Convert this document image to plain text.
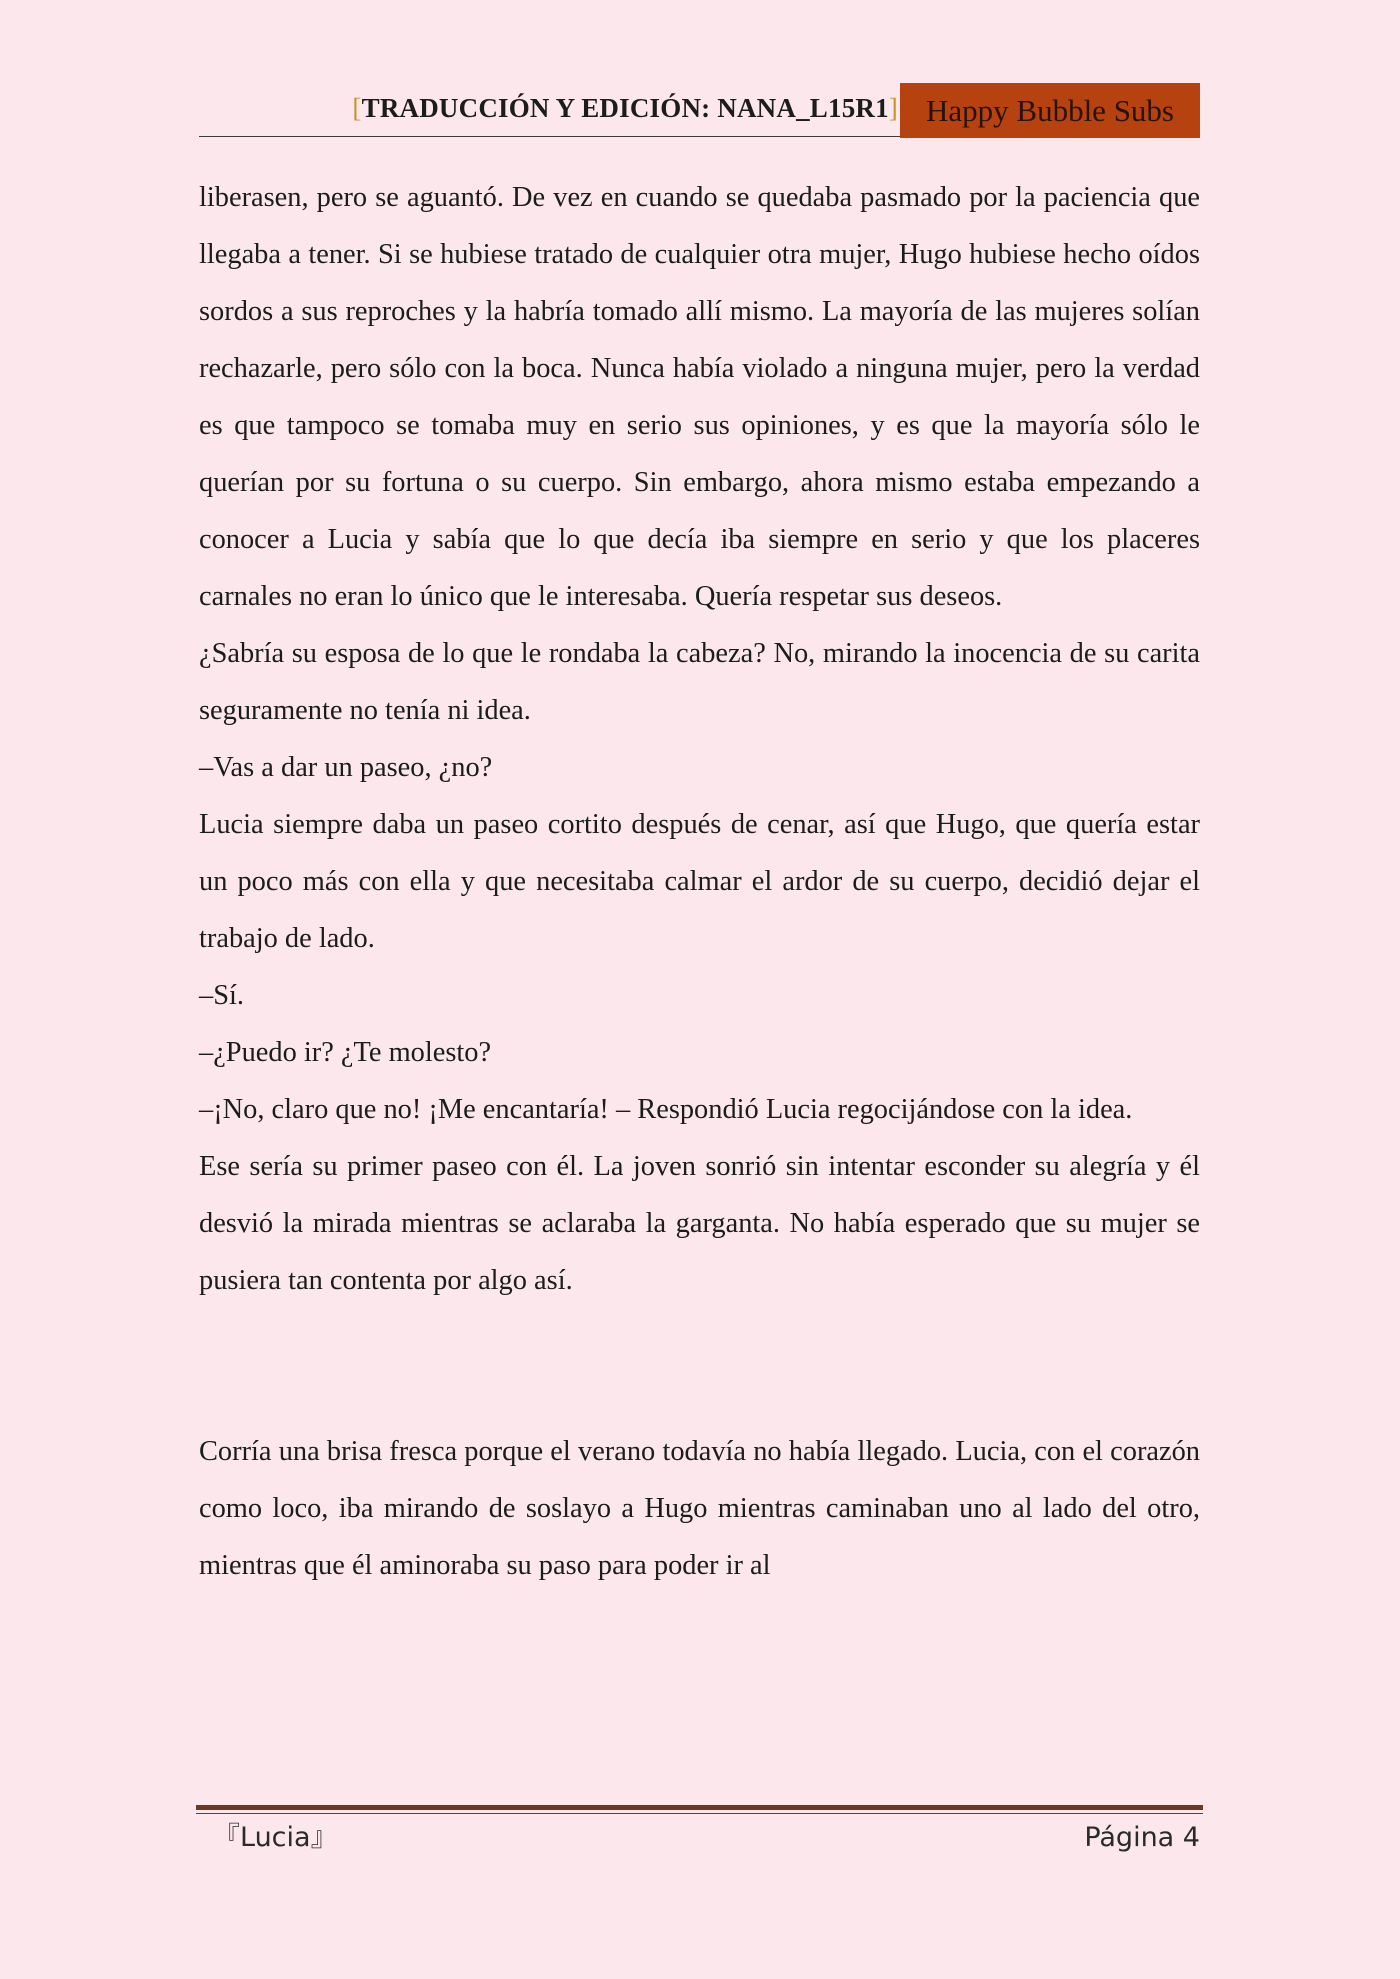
[TRADUCCIÓN Y EDICIÓN: NANA_L15R1] Happy Bubble Subs

liberasen, pero se aguantó. De vez en cuando se quedaba pasmado por la paciencia que llegaba a tener. Si se hubiese tratado de cualquier otra mujer, Hugo hubiese hecho oídos sordos a sus reproches y la habría tomado allí mismo. La mayoría de las mujeres solían rechazarle, pero sólo con la boca. Nunca había violado a ninguna mujer, pero la verdad es que tampoco se tomaba muy en serio sus opiniones, y es que la mayoría sólo le querían por su fortuna o su cuerpo. Sin embargo, ahora mismo estaba empezando a conocer a Lucia y sabía que lo que decía iba siempre en serio y que los placeres carnales no eran lo único que le interesaba. Quería respetar sus deseos.

¿Sabría su esposa de lo que le rondaba la cabeza? No, mirando la inocencia de su carita seguramente no tenía ni idea.

–Vas a dar un paseo, ¿no?

Lucia siempre daba un paseo cortito después de cenar, así que Hugo, que quería estar un poco más con ella y que necesitaba calmar el ardor de su cuerpo, decidió dejar el trabajo de lado.

–Sí.

–¿Puedo ir? ¿Te molesto?

–¡No, claro que no! ¡Me encantaría! – Respondió Lucia regocijándose con la idea.

Ese sería su primer paseo con él. La joven sonrió sin intentar esconder su alegría y él desvió la mirada mientras se aclaraba la garganta. No había esperado que su mujer se pusiera tan contenta por algo así.

Corría una brisa fresca porque el verano todavía no había llegado. Lucia, con el corazón como loco, iba mirando de soslayo a Hugo mientras caminaban uno al lado del otro, mientras que él aminoraba su paso para poder ir al

『Lucia』	Página 4
